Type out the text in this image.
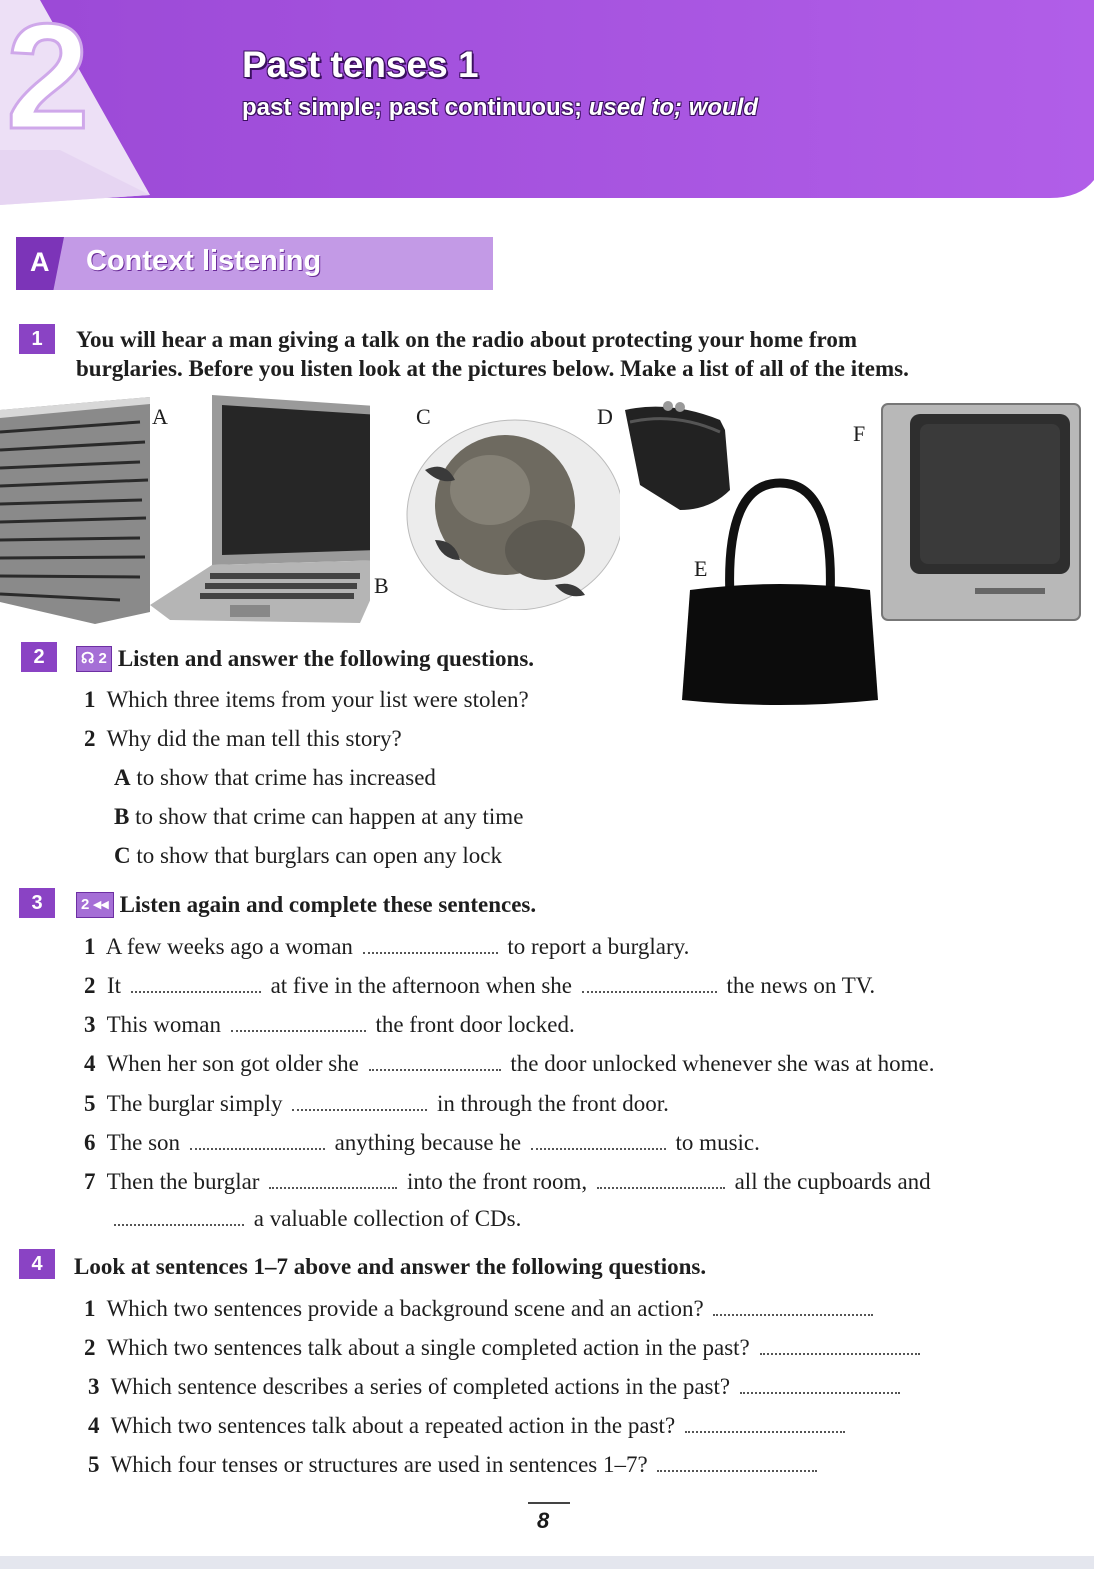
2	Past tenses 1
past simple; past continuous; used to; would
A Context listening
1	You will hear a man giving a talk on the radio about protecting your home from
burglaries. Before you listen look at the pictures below. Make a list of all of the items.
A
B
C	D
E
F
2	☊ 2 Listen and answer the following questions.
1 Which three items from your list were stolen?
2 Why did the man tell this story?
A to show that crime has increased
B to show that crime can happen at any time
C to show that burglars can open any lock
3	2 ◂◂ Listen again and complete these sentences.
1 A few weeks ago a woman	to report a burglary.
2 It	at five in the afternoon when she	the news on TV.
3 This woman	the front door locked.
4 When her son got older she	the door unlocked whenever she was at home.
5 The burglar simply	in through the front door.
6 The son	anything because he	to music.
7 Then the burglar	into the front room,	all the cupboards and
a valuable collection of CDs.
4	Look at sentences 1–7 above and answer the following questions.
1 Which two sentences provide a background scene and an action?
2 Which two sentences talk about a single completed action in the past?
3 Which sentence describes a series of completed actions in the past?
4 Which two sentences talk about a repeated action in the past?
5 Which four tenses or structures are used in sentences 1–7?
8
